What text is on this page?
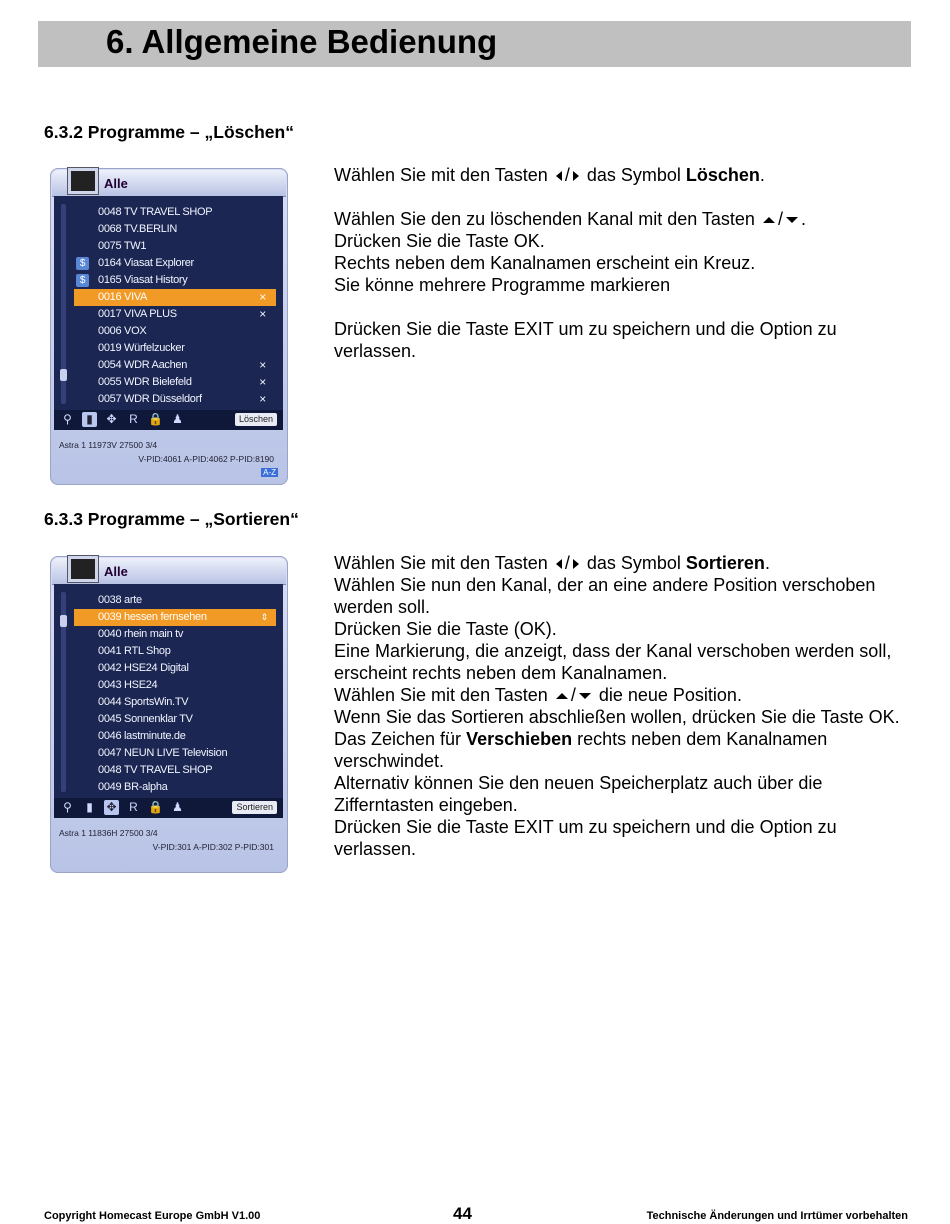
6. Allgemeine Bedienung
6.3.2 Programme – „Löschen“
Alle
0048 TV TRAVEL SHOP
0068 TV.BERLIN
0075 TW1
$	0164 Viasat Explorer
$	0165 Viasat History
0016 VIVA	×
0017 VIVA PLUS	×
0006 VOX
0019 Würfelzucker
0054 WDR Aachen	×
0055 WDR Bielefeld	×
0057 WDR Düsseldorf	×
⚲	▮	✥ R 🔒 ♟	Löschen
Astra 1 11973V 27500 3/4
V-PID:4061 A-PID:4062 P-PID:8190
A-Z

Wählen Sie mit den Tasten / das Symbol Löschen.

Wählen Sie den zu löschenden Kanal mit den Tasten / .

Drücken Sie die Taste OK.

Rechts neben dem Kanalnamen erscheint ein Kreuz.

Sie könne mehrere Programme markieren

Drücken Sie die Taste EXIT um zu speichern und die Option zu verlassen.

6.3.3 Programme – „Sortieren“
Alle
0038 arte
0039 hessen fernsehen	⇕
0040 rhein main tv
0041 RTL Shop
0042 HSE24 Digital
0043 HSE24
0044 SportsWin.TV
0045 Sonnenklar TV
0046 lastminute.de
0047 NEUN LIVE Television
0048 TV TRAVEL SHOP
0049 BR-alpha
⚲	▮	✥ R 🔒 ♟	Sortieren
Astra 1 11836H 27500 3/4
V-PID:301 A-PID:302 P-PID:301

Wählen Sie mit den Tasten / das Symbol Sortieren.

Wählen Sie nun den Kanal, der an eine andere Position verschoben werden soll.

Drücken Sie die Taste (OK).

Eine Markierung, die anzeigt, dass der Kanal verschoben werden soll, erscheint rechts neben dem Kanalnamen.

Wählen Sie mit den Tasten / die neue Position.

Wenn Sie das Sortieren abschließen wollen, drücken Sie die Taste OK. Das Zeichen für Verschieben rechts neben dem Kanalnamen verschwindet.

Alternativ können Sie den neuen Speicherplatz auch über die Zifferntasten eingeben.

Drücken Sie die Taste EXIT um zu speichern und die Option zu verlassen.

Copyright Homecast Europe GmbH V1.00	44	Technische Änderungen und Irrtümer vorbehalten
